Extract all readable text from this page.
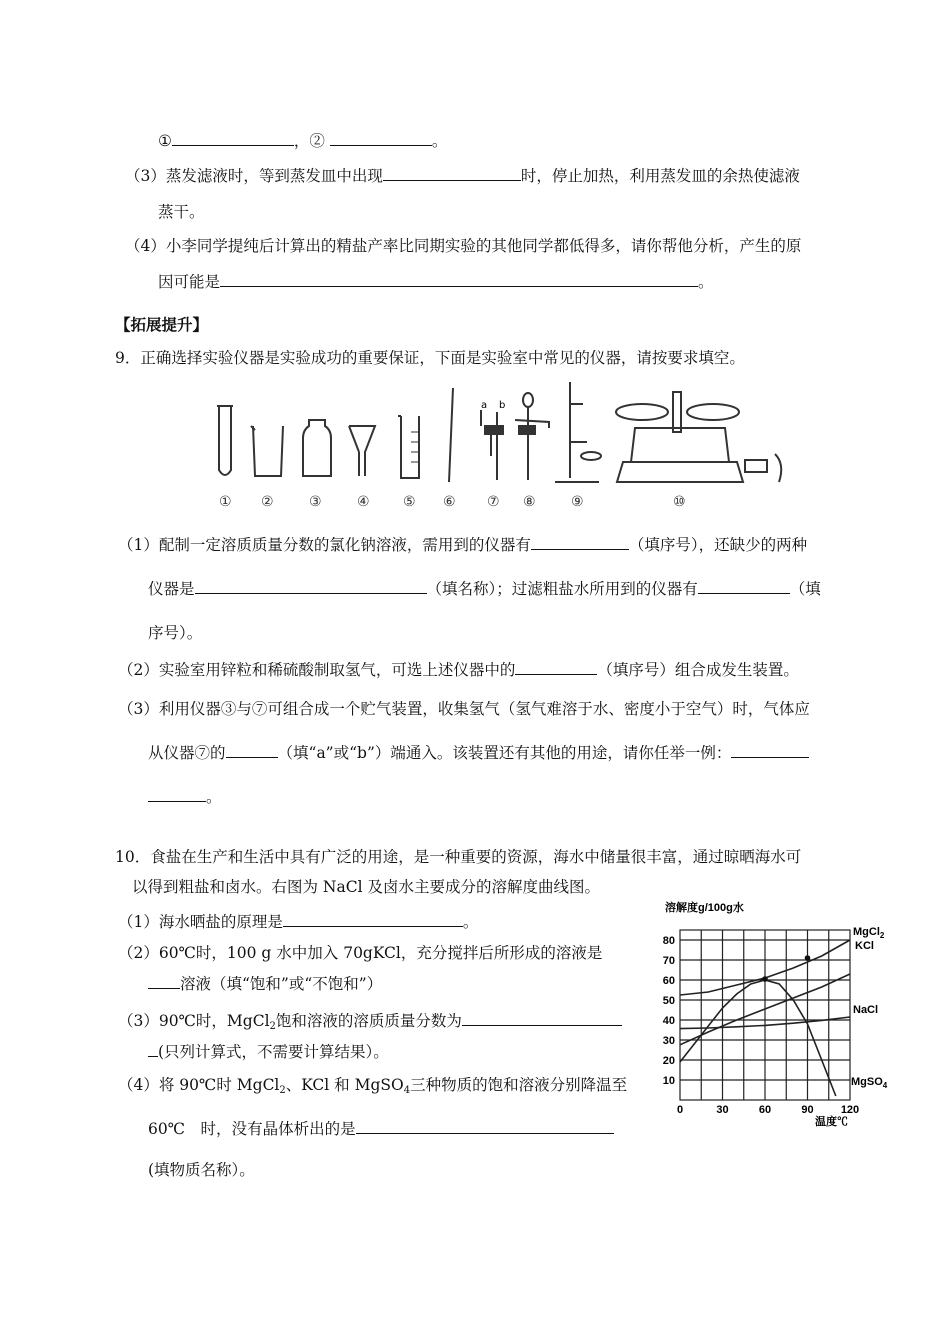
①	，②	。
（3）蒸发滤液时，等到蒸发皿中出现	时，停止加热，利用蒸发皿的余热使滤液
蒸干。
（4）小李同学提纯后计算出的精盐产率比同期实验的其他同学都低得多，请你帮他分析，产生的原
因可能是	。
【拓展提升】
9．正确选择实验仪器是实验成功的重要保证，下面是实验室中常见的仪器，请按要求填空。
a b
① ②	③	④ ⑤ ⑥ ⑦ ⑧	⑨	⑩
（1）配制一定溶质质量分数的氯化钠溶液，需用到的仪器有	（填序号），还缺少的两种
仪器是	（填名称）；过滤粗盐水所用到的仪器有	（填
序号）。
（2）实验室用锌粒和稀硫酸制取氢气，可选上述仪器中的	（填序号）组合成发生装置。
（3）利用仪器③与⑦可组合成一个贮气装置，收集氢气（氢气难溶于水、密度小于空气）时，气体应
从仪器⑦的	（填“a”或“b”）端通入。该装置还有其他的用途，请你任举一例：
。
10．食盐在生产和生活中具有广泛的用途，是一种重要的资源，海水中储量很丰富，通过晾晒海水可
以得到粗盐和卤水。右图为 NaCl 及卤水主要成分的溶解度曲线图。
（1）海水晒盐的原理是	。
（2）60℃时，100 g 水中加入 70gKCl，充分搅拌后所形成的溶液是
溶液（填“饱和”或“不饱和”）
（3）90℃时，MgCl$_2$饱和溶液的溶质质量分数为
(只列计算式，不需要计算结果）。
（4）将 90℃时 MgCl$_2$、KCl 和 MgSO$_4$三种物质的饱和溶液分别降温至
60℃　时，没有晶体析出的是
(填物质名称）。
溶解度g/100g水
温度℃
0	30	60	90 120
10
20
30
40
50
60
70
80
MgCl$_2$
KCl
NaCl
MgSO$_4$
